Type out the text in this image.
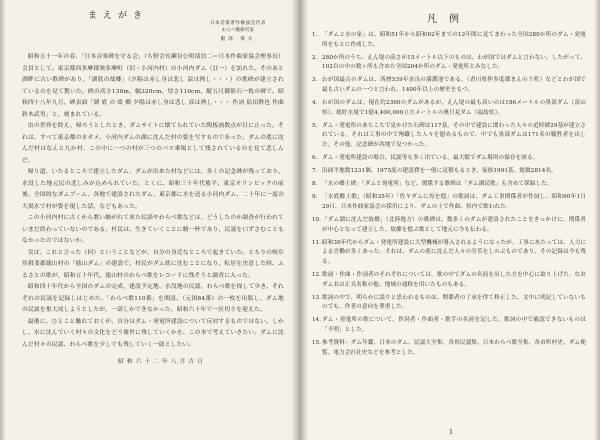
まえがき
日本音楽著作権協会代表
わらべ歌研究家
服部 保夫

昭和五十一年の春、「日本音楽碑を守る会」（ち野会長瀬谷公明部員二＝日本作曲家協会理事長）会員として、東京都西多摩郡奥多摩町（旧・小河内村）の小河内ダム（註一）を訪れた。そのあと湖畔に古い歌碑があり、「湖底の故郷」（夕陽は赤し身は悲し 涙は熱し・・・）の歌碑が建立されているのを見て驚いた。碑の高さ130m、幅320cm、厚さ110cm、縦五尺御影石一枚の碑で、昭和四十八年九月、碑表面「湖 底 の 故 郷 夕陽は赤し身は悲し 涙は熱し・・・ 作詞 島田磐也 作曲 鈴木武男」と、刻まれている。

虫の世界を終え、帰ろうとしたとき、ダムサイトに懐てられていた陶板画数点が目に止った。それは、すべて東京都の水ガメ、小河内ダムの湖に沈んだ村の姿を写すものであった。ダムの底に沈んだ村はなんと九か村、この中に一つの村が三つのバス乗場として残されているのを見て悲しんだ。

帰り道、いたるところで建立したダム、ダムが出来た村などには、多くの記念碑が残っており、水没した地元民の悲しみが込められていた。とくに、昭和三十年代後半、東京オリンピックの前後、全国的なダムブーム、各地で建設されたダム、東京都に水を送る小河内ダム、二十年に一度の大渇水で村が姿を現した話、などもあった。

この小河内村に古くから歌い継がれて来た民謡やわらべ歌などは、どうしたのか調査が行われていまだ終わっていないのである。村民は、生きていくことに精一杯であり、民謡を口ずさむこともなかったのではないか。

実は、これと言った（何）ということなどが、自分の身近なところで起きていた。とちりの岐阜県揖斐郡徳山村の「徳山ダム」の建設で、村民がダム底に沈むことになり、転居を決意した時、ふるさとの歌が、昭和五十年代、徳山村のわらべ歌をレコードに残そうと調査に入った。

昭和四十年代から全国のダムの完成、建設予定地、水没地の民謡、わらべ歌を探して歩き、それぞれの民謡を記録しはじめた。「わらべ歌110番」を開設、（元図84番）の一枚を出版し、ダム地の民謡を集大成しようとしたが、一部しかできなかった。昭和六十年で一区切りを迎えた。

最後に、ひとこと触れておくが、自分はダム・発電所建設について反対するものではない。しかし、水に沈んでいく村々の文化をどう後世に残していくかを、この本で考えていきたい。ダムに沈んだ村々の民謡、わらべ歌を少しでも残していく一助としたい。

昭和六十二年八月吉日
凡例
1. 「ダムと水の家」は、昭和51年から昭和62年までの12年間に見てまわった全国280か所のダム・発電所をもとに作成した。
2. 280か所のうち、えん堤の高さが15メートル以下のものは、わが国ではダムと言わない。したがって、102自の中の数ヶ所も含めた全国204か所のダム・発電所とみなした。
3. わが国最古のダムは、西暦539年奈良の満濃池である。（香川県仲多度郡まんのう町）などとわが国で最も古いダムの一つと言われ、1400年以上の歴史をもつ。
4. わが国のダムは、現在約2300のダムがあるが、えん堤の最も高いのは186メートルの黒部ダム（富山県）、総貯水量で1億4,400,000立方メートルの奥只見ダム（福島県）。
5. ダム・発電所のあちこちで見かけた石碑は117基。その中で建設に関わった人々の追悼碑29基が建立されている。それは工事の中で殉職した人々を慰めるもので、中でも黒部ダムは171名の犠牲者を出した。その他、記念碑が各地で見つかった。
6. ダム・発電所建設の場合、民謡等も多く出ている。最大限でダム場所の保存を図る。
7. 沿面平地数1231個、1975度の建設費を一般に見積もるとき、家族1991基、総数2814名。
8. 「水の郷土碑」「ダムと発電所」など、関係する歌碑は「ダム湖民歌」も含めて採録した。
9. 「水底郷土歌」（昭和35年）「佐ヤダムに母を偲」の歌詞は、ダム工事関係者が作詞し、昭和60年1月29日、日本作曲家協会の採用により、ダムの上で作曲、県内で歌われた。
10. 「ダム湖に沈んだ故郷」（北陸地方）の歌碑は、数多くのダムが建設されたことをきっかけに、関係者が中心となって建立した。故郷を偲ぶ歌として地元に今も伝わる。
11. 昭和30年代からダム・発電所建設に大型機械が導入されるようになったが、工事にあたっては、人力による労働が多くあった。それは、ダムの底に沈んだ人々の労苦をしのぶものであり、その記録は今も残る。
12. 歌詞・作曲・作詞者のそれぞれについては、歌の中でダムの名前を出した方を中心に取り上げた。なおダム名は正式名称の他、地域の通称を用いたものもある。
13. 歌詞の中で、明らかに誤りと思われるものは、関係者の了承を得て修正した。文中に明記していないものでも、作者の意向を尊重した。
14. ダム・発電所の歌について、作詞者・作曲者・歌手の名前を記した。歌詞の中で確認できないものは「不明」とした。
15. 参考資料：ダム年鑑、日本のダム、民謡大全集、各県民謡集、日本わらべ歌全集、各市町村史、ダム便覧、電力会社社史などを参考とした。
1
